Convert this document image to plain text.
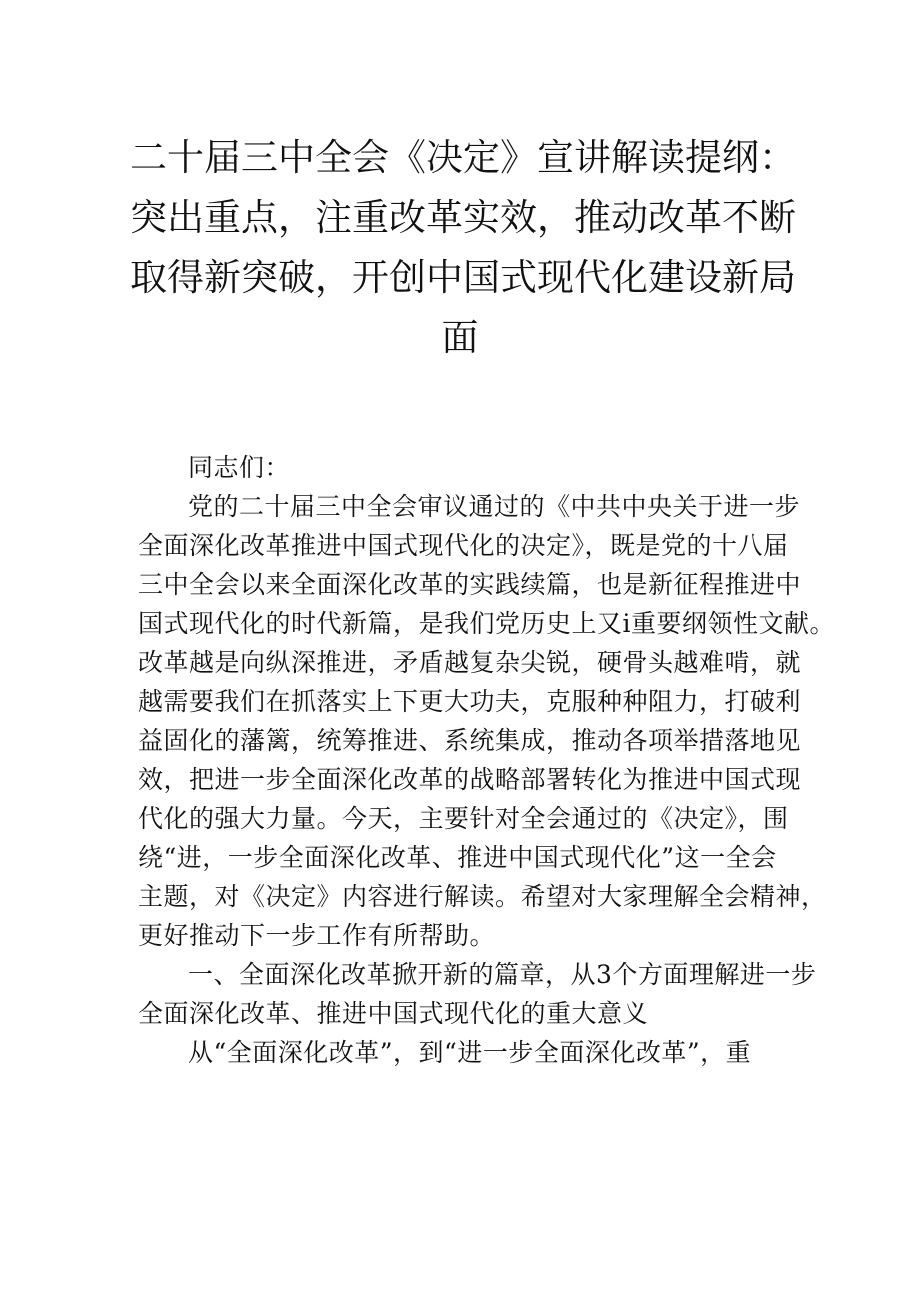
二十届三中全会《决定》宣讲解读提纲：
突出重点，注重改革实效，推动改革不断
取得新突破，开创中国式现代化建设新局
面
同志们：
党的二十届三中全会审议通过的《中共中央关于进一步
全面深化改革推进中国式现代化的决定》，既是党的十八届
三中全会以来全面深化改革的实践续篇，也是新征程推进中
国式现代化的时代新篇，是我们党历史上又i重要纲领性文献。
改革越是向纵深推进，矛盾越复杂尖锐，硬骨头越难啃，就
越需要我们在抓落实上下更大功夫，克服种种阻力，打破利
益固化的藩篱，统筹推进、系统集成，推动各项举措落地见
效，把进一步全面深化改革的战略部署转化为推进中国式现
代化的强大力量。今天，主要针对全会通过的《决定》，围
绕“进，一步全面深化改革、推进中国式现代化”这一全会
主题，对《决定》内容进行解读。希望对大家理解全会精神，
更好推动下一步工作有所帮助。
一、全面深化改革掀开新的篇章，从3个方面理解进一步
全面深化改革、推进中国式现代化的重大意义
从“全面深化改革”，到“进一步全面深化改革”，重
